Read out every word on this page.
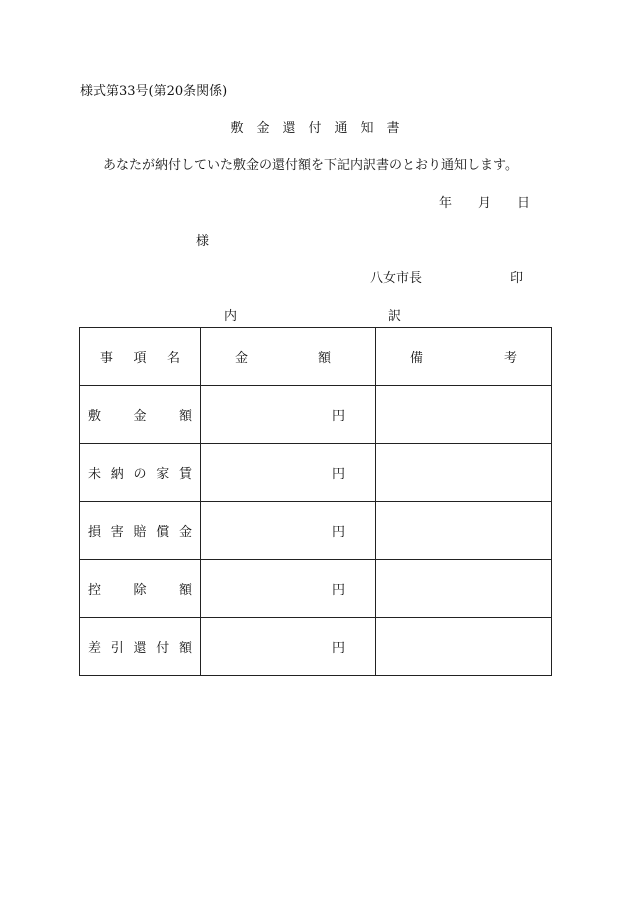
様式第33号(第20条関係)
敷金還付通知書
あなたが納付していた敷金の還付額を下記内訳書のとおり通知します。
年 月 日
様
八女市長	印
内	訳
事 項 名	金 額	備 考

敷 金 額	円	

未 納 の 家 賃	円	

損 害 賠 償 金	円	

控 除 額	円	

差 引 還 付 額	円	
